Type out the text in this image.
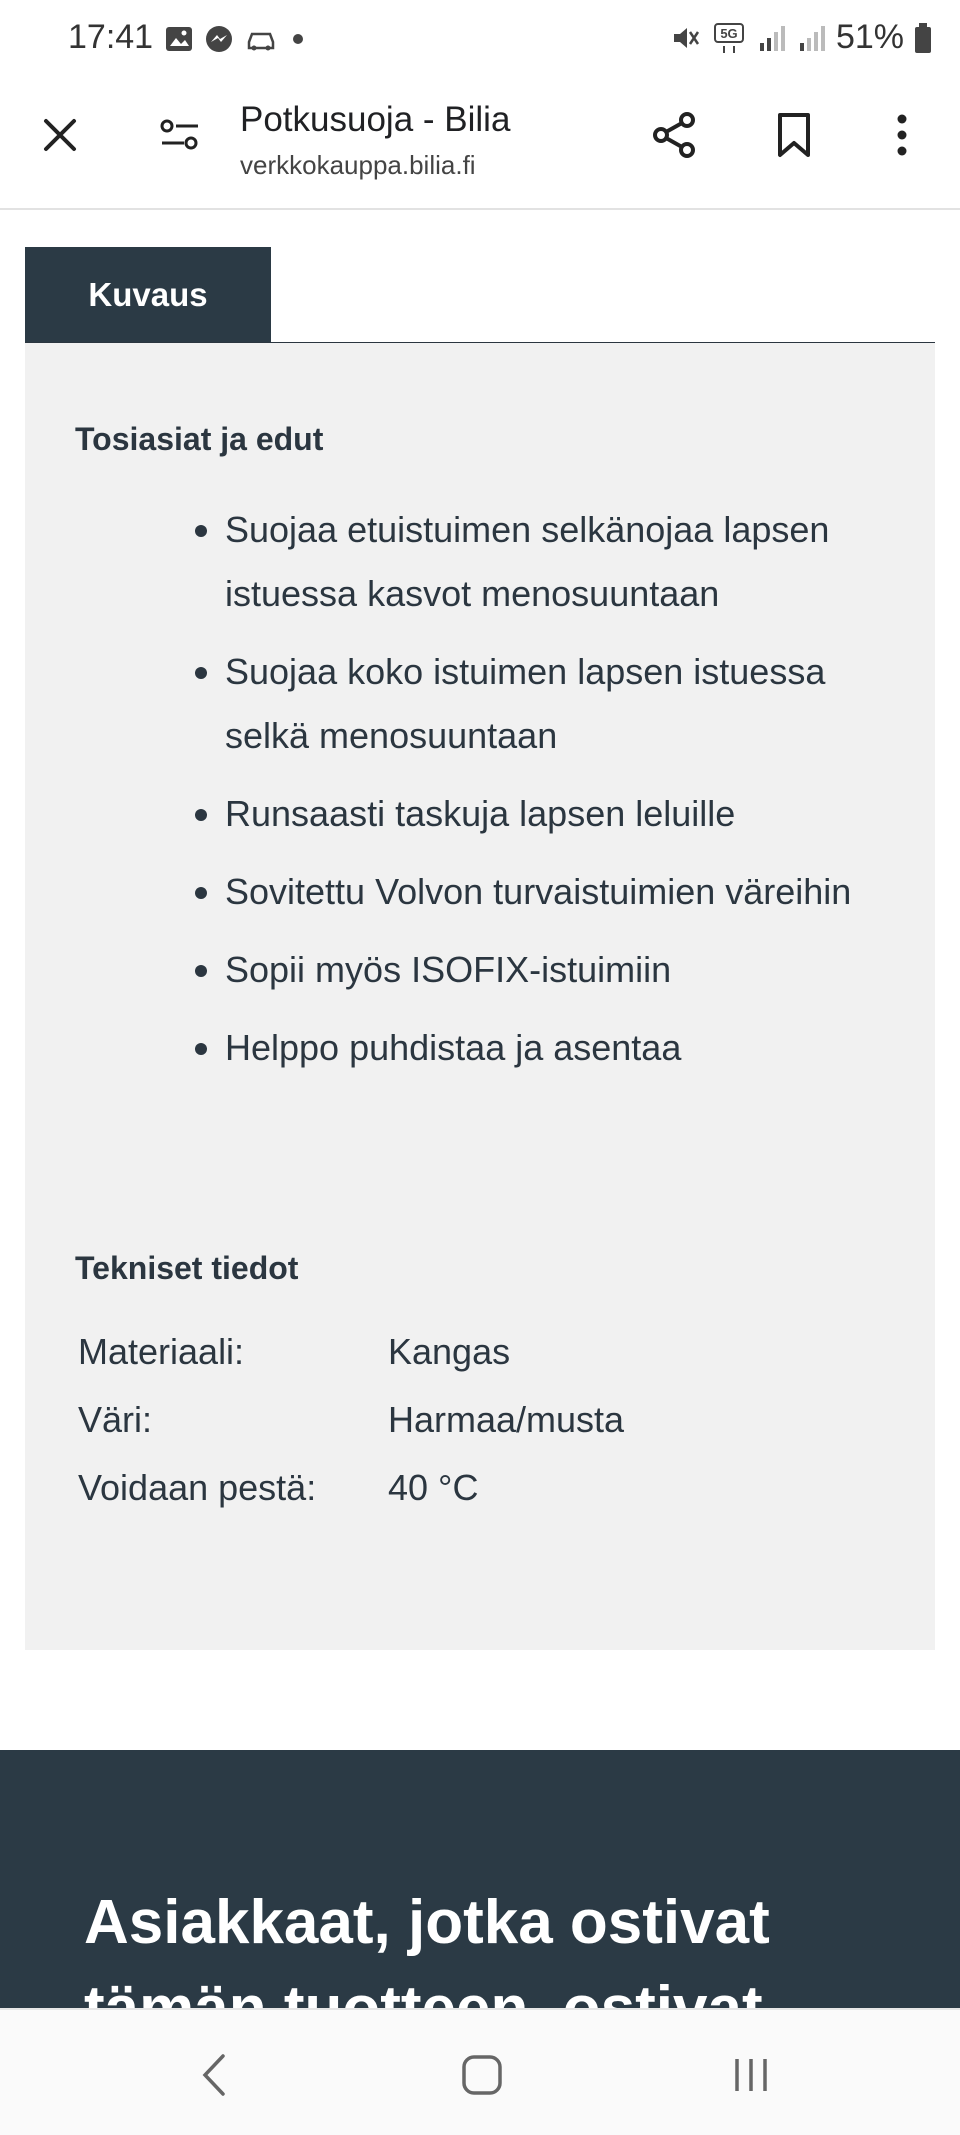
17:41	5G	51%
Potkusuoja - Bilia
verkkokauppa.bilia.fi
Kuvaus
Tosiasiat ja edut
Suojaa etuistuimen selkänojaa lapsen istuessa kasvot menosuuntaan
Suojaa koko istuimen lapsen istuessa selkä menosuuntaan
Runsaasti taskuja lapsen leluille
Sovitettu Volvon turvaistuimien väreihin
Sopii myös ISOFIX-istuimiin
Helppo puhdistaa ja asentaa
Tekniset tiedot
Materiaali:	Kangas
Väri:	Harmaa/musta
Voidaan pestä:	40 °C
Asiakkaat, jotka ostivat
